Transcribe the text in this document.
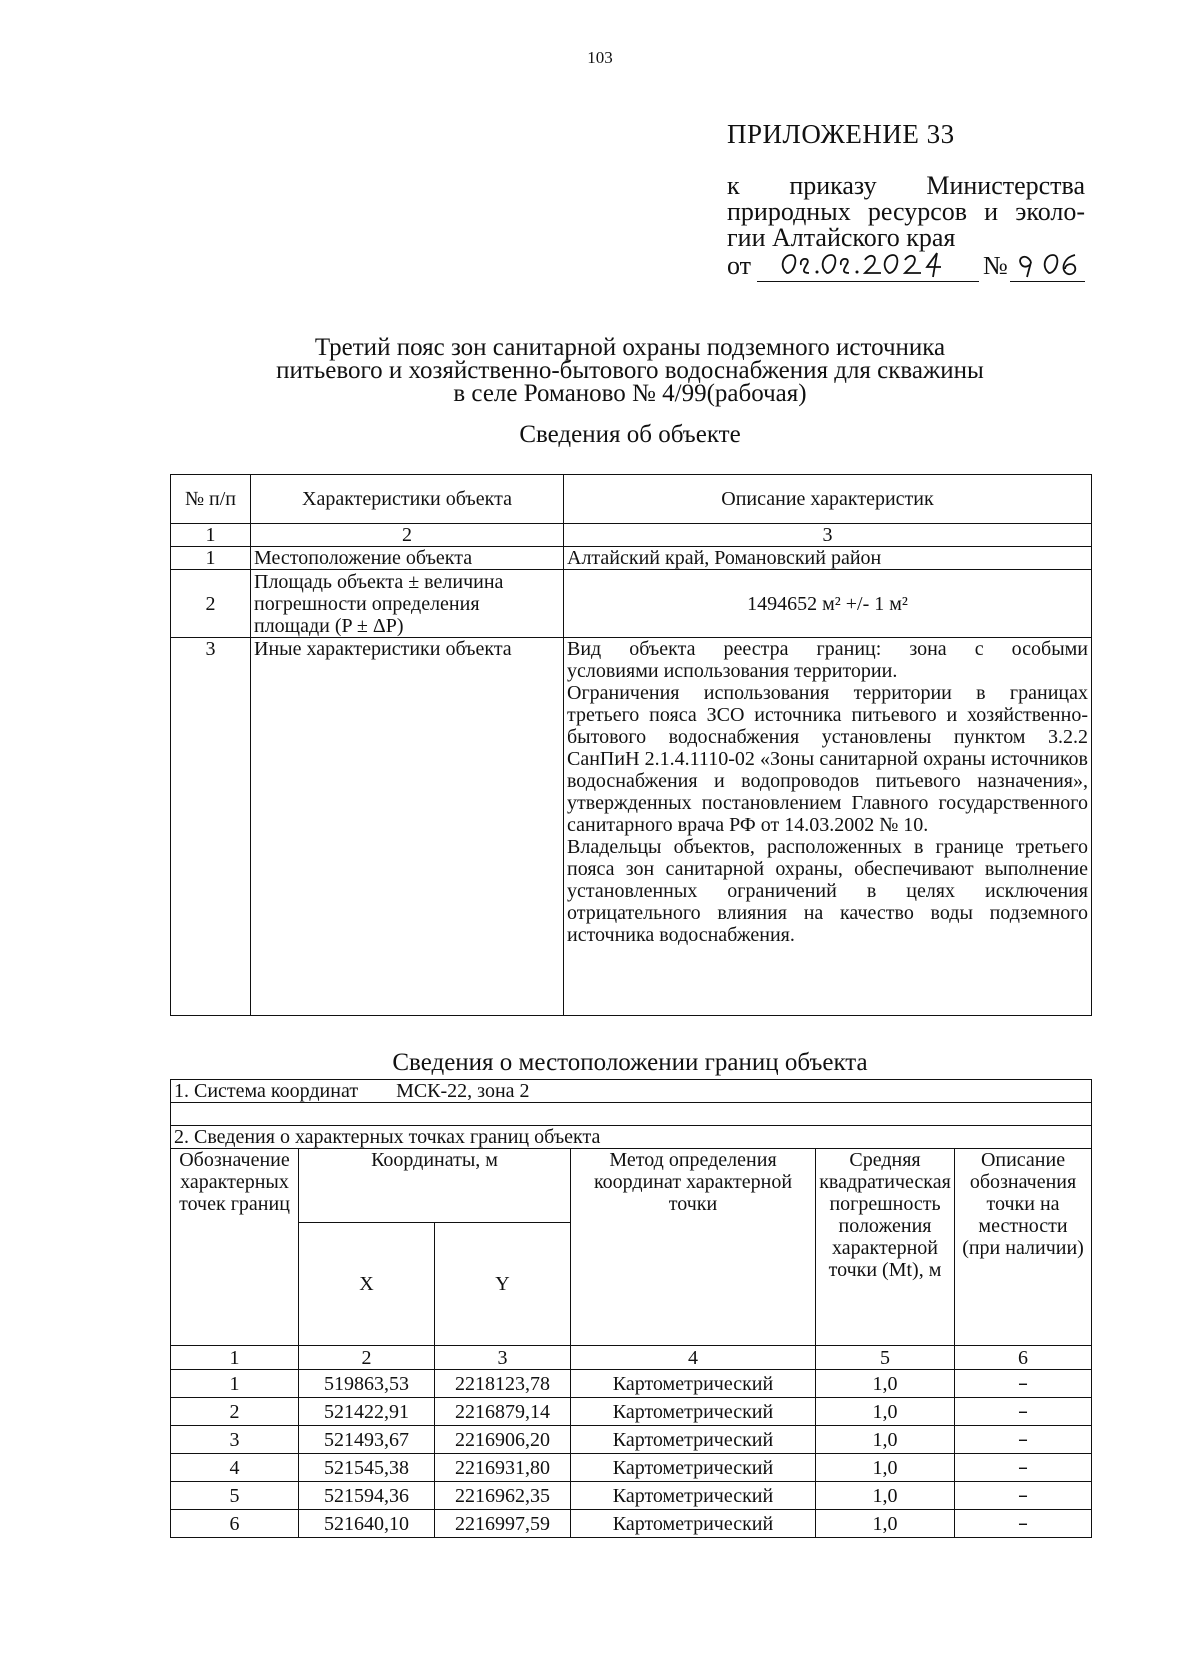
103
ПРИЛОЖЕНИЕ 33
к приказу Министерства
природных ресурсов и эколо-
гии Алтайского края
от	№
Третий пояс зон санитарной охраны подземного источника
питьевого и хозяйственно-бытового водоснабжения для скважины
в селе Романово № 4/99(рабочая)
Сведения об объекте
№ п/п	Характеристики объекта	Описание характеристик
1	2	3
1	Местоположение объекта	Алтайский край, Романовский район
2	Площадь объекта ± величина погрешности определения площади (P ± ΔP)	1494652 м² +/- 1 м²
3	Иные характеристики объекта	Вид объекта реестра границ: зона с особыми
условиями использования территории.
Ограничения использования территории в границах третьего пояса ЗСО источника питьевого и хозяйственно-бытового водоснабжения установлены пунктом 3.2.2 СанПиН 2.1.4.1110-02 «Зоны санитарной охраны источников водоснабжения и водопроводов питьевого назначения», утвержденных постановлением Главного государственного санитарного врача РФ от 14.03.2002 № 10.
Владельцы объектов, расположенных в границе третьего пояса зон санитарной охраны, обеспечивают выполнение установленных ограничений в целях исключения отрицательного влияния на качество воды подземного источника водоснабжения.
Сведения о местоположении границ объекта
1. Система координат МСК-22, зона 2					

2. Сведения о характерных точках границ объекта					
Обозначение характерных точек границ	Координаты, м		Метод определения координат характерной точки	Средняя квадратическая погрешность положения характерной точки (Mt), м	Описание обозначения точки на местности (при наличии)
	X	Y			
1	2	3	4	5	6
1	519863,53	2218123,78	Картометрический	1,0	–
2	521422,91	2216879,14	Картометрический	1,0	–
3	521493,67	2216906,20	Картометрический	1,0	–
4	521545,38	2216931,80	Картометрический	1,0	–
5	521594,36	2216962,35	Картометрический	1,0	–
6	521640,10	2216997,59	Картометрический	1,0	–
